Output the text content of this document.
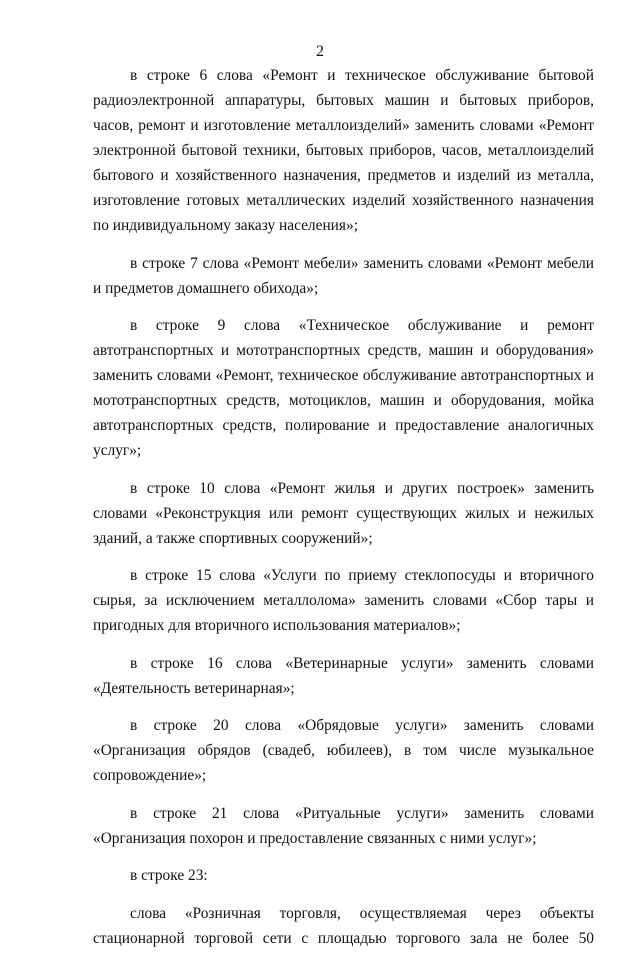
2

в строке 6 слова «Ремонт и техническое обслуживание бытовой радиоэлектронной аппаратуры, бытовых машин и бытовых приборов, часов, ремонт и изготовление металлоизделий» заменить словами «Ремонт электронной бытовой техники, бытовых приборов, часов, металлоизделий бытового и хозяйственного назначения, предметов и изделий из металла, изготовление готовых металлических изделий хозяйственного назначения по индивидуальному заказу населения»;

в строке 7 слова «Ремонт мебели» заменить словами «Ремонт мебели и предметов домашнего обихода»;

в строке 9 слова «Техническое обслуживание и ремонт автотранспортных и мототранспортных средств, машин и оборудования» заменить словами «Ремонт, техническое обслуживание автотранспортных и мототранспортных средств, мотоциклов, машин и оборудования, мойка автотранспортных средств, полирование и предоставление аналогичных услуг»;

в строке 10 слова «Ремонт жилья и других построек» заменить словами «Реконструкция или ремонт существующих жилых и нежилых зданий, а также спортивных сооружений»;

в строке 15 слова «Услуги по приему стеклопосуды и вторичного сырья, за исключением металлолома» заменить словами «Сбор тары и пригодных для вторичного использования материалов»;

в строке 16 слова «Ветеринарные услуги» заменить словами «Деятельность ветеринарная»;

в строке 20 слова «Обрядовые услуги» заменить словами «Организация обрядов (свадеб, юбилеев), в том числе музыкальное сопровождение»;

в строке 21 слова «Ритуальные услуги» заменить словами «Организация похорон и предоставление связанных с ними услуг»;

в строке 23:

слова «Розничная торговля, осуществляемая через объекты стационарной торговой сети с площадью торгового зала не более 50
